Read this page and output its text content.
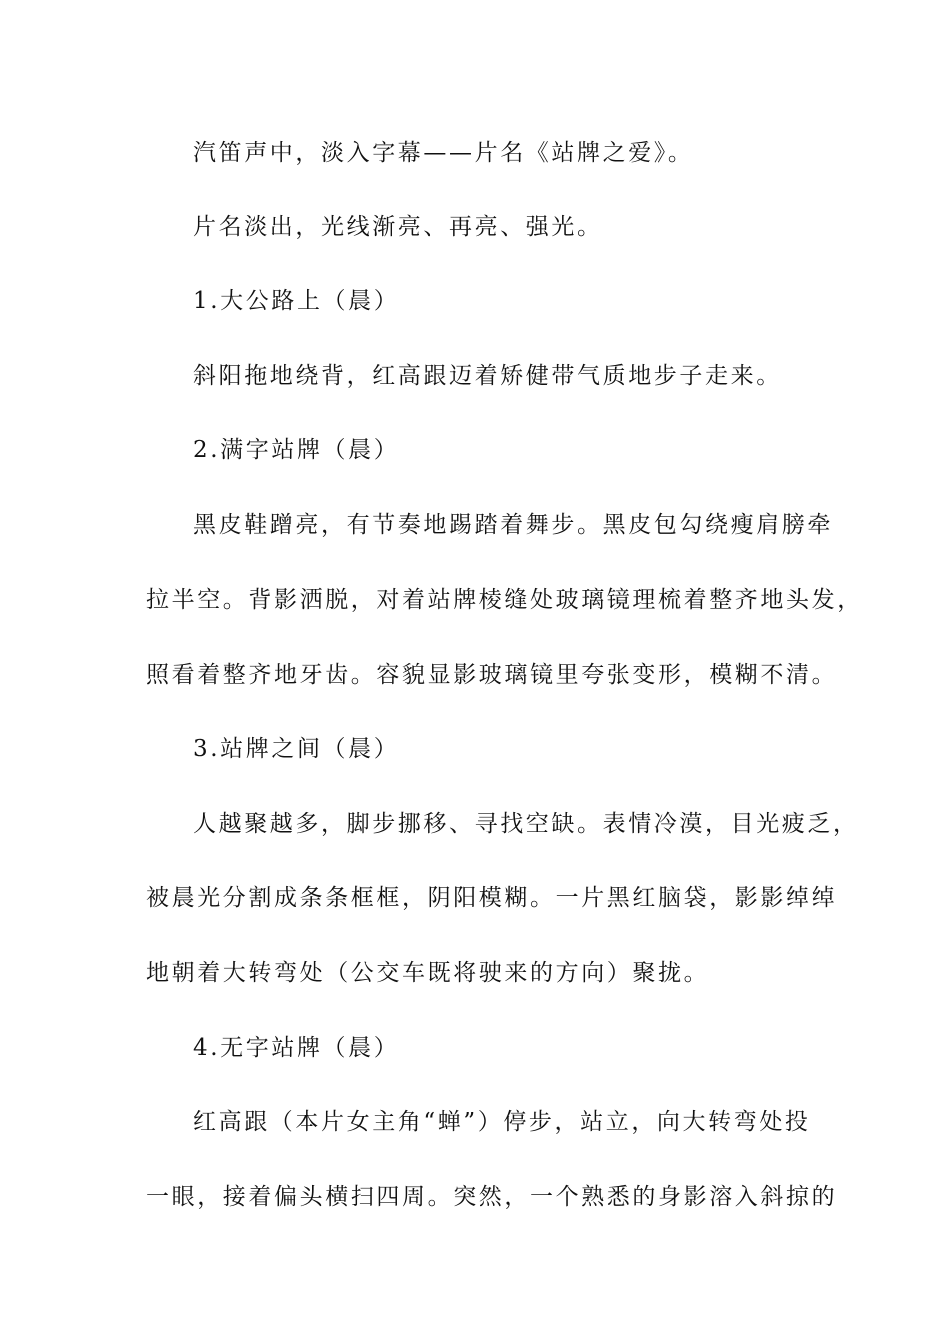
汽笛声中，淡入字幕——片名《站牌之爱》。
片名淡出，光线渐亮、再亮、强光。
1.大公路上（晨）
斜阳拖地绕背，红高跟迈着矫健带气质地步子走来。
2.满字站牌（晨）
黑皮鞋蹭亮，有节奏地踢踏着舞步。黑皮包勾绕瘦肩膀牵
拉半空。背影洒脱，对着站牌棱缝处玻璃镜理梳着整齐地头发，
照看着整齐地牙齿。容貌显影玻璃镜里夸张变形，模糊不清。
3.站牌之间（晨）
人越聚越多，脚步挪移、寻找空缺。表情冷漠，目光疲乏，
被晨光分割成条条框框，阴阳模糊。一片黑红脑袋，影影绰绰
地朝着大转弯处（公交车既将驶来的方向）聚拢。
4.无字站牌（晨）
红高跟（本片女主角“蝉”）停步，站立，向大转弯处投
一眼，接着偏头横扫四周。突然，一个熟悉的身影溶入斜掠的
